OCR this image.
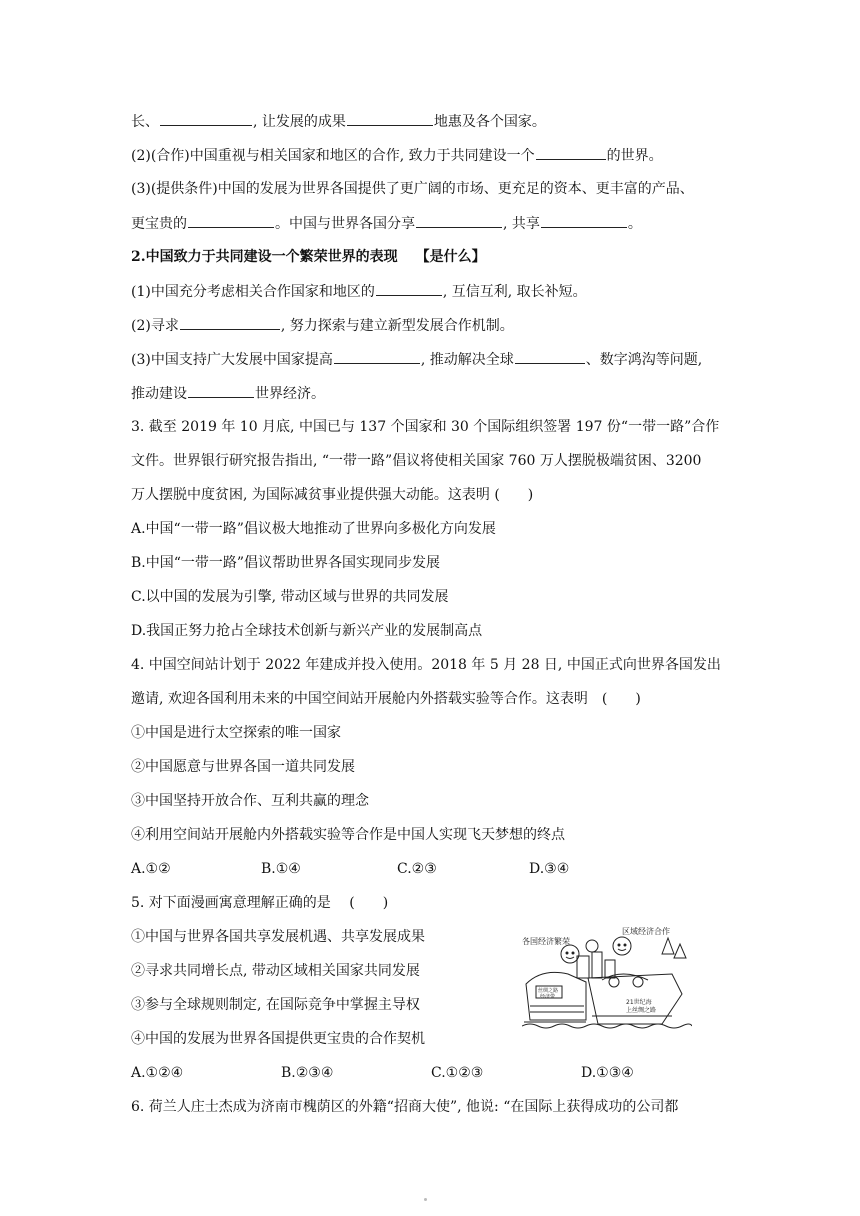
长、	, 让发展的成果	地惠及各个国家。
(2)(合作)中国重视与相关国家和地区的合作, 致力于共同建设一个	的世界。
(3)(提供条件)中国的发展为世界各国提供了更广阔的市场、更充足的资本、更丰富的产品、
更宝贵的	。中国与世界各国分享	, 共享	。
2.中国致力于共同建设一个繁荣世界的表现 【是什么】
(1)中国充分考虑相关合作国家和地区的	, 互信互利, 取长补短。
(2)寻求	, 努力探索与建立新型发展合作机制。
(3)中国支持广大发展中国家提高	, 推动解决全球	、数字鸿沟等问题,
推动建设	世界经济。
3. 截至 2019 年 10 月底, 中国已与 137 个国家和 30 个国际组织签署 197 份“一带一路”合作
文件。世界银行研究报告指出, “一带一路”倡议将使相关国家 760 万人摆脱极端贫困、3200
万人摆脱中度贫困, 为国际减贫事业提供强大动能。这表明 (　　)
A.中国“一带一路”倡议极大地推动了世界向多极化方向发展
B.中国“一带一路”倡议帮助世界各国实现同步发展
C.以中国的发展为引擎, 带动区域与世界的共同发展
D.我国正努力抢占全球技术创新与新兴产业的发展制高点
4. 中国空间站计划于 2022 年建成并投入使用。2018 年 5 月 28 日, 中国正式向世界各国发出
邀请, 欢迎各国利用未来的中国空间站开展舱内外搭载实验等合作。这表明　(　　)
①中国是进行太空探索的唯一国家
②中国愿意与世界各国一道共同发展
③中国坚持开放合作、互利共赢的理念
④利用空间站开展舱内外搭载实验等合作是中国人实现飞天梦想的终点
A.①②	B.①④	C.②③	D.③④
5. 对下面漫画寓意理解正确的是　 (　　)
①中国与世界各国共享发展机遇、共享发展成果
②寻求共同增长点, 带动区域相关国家共同发展
③参与全球规则制定, 在国际竞争中掌握主导权
④中国的发展为世界各国提供更宝贵的合作契机
A.①②④	B.②③④	C.①②③	D.①③④
各国经济繁荣
区域经济合作
21世纪海
上丝绸之路
丝绸之路
经济带
6. 荷兰人庄士杰成为济南市槐荫区的外籍“招商大使”, 他说: “在国际上获得成功的公司都
